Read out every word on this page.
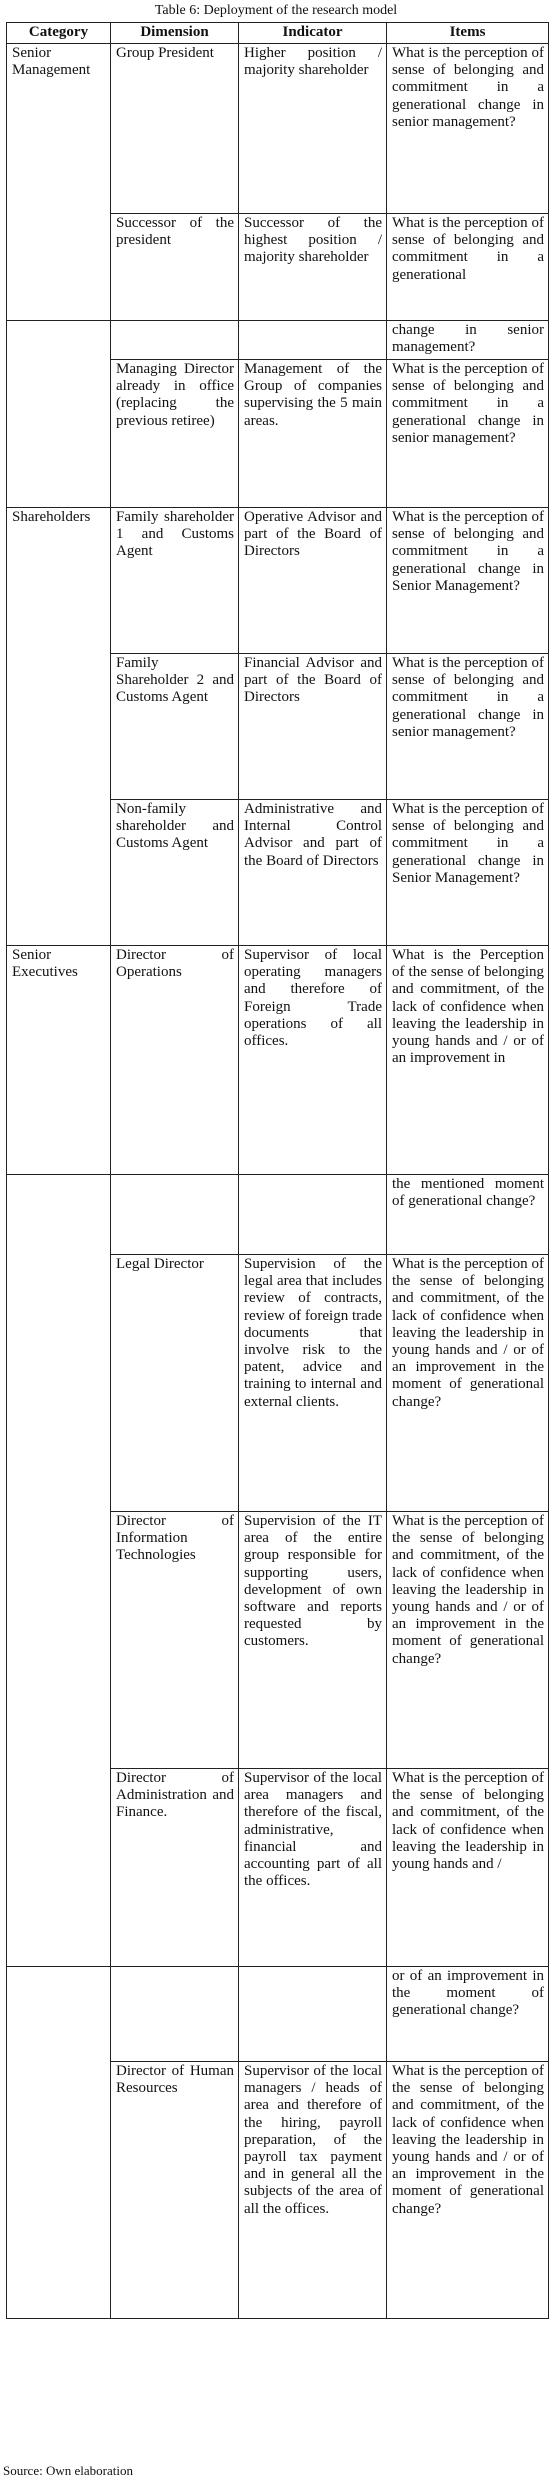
Table 6: Deployment of the research model
Category	Dimension	Indicator	Items
Senior Management	Group President	Higher position / majority shareholder	What is the perception of sense of belonging and commitment in a generational change in senior management?
	Successor of the president	Successor of the highest position / majority shareholder	What is the perception of sense of belonging and commitment in a generational
			change in senior management?
	Managing Director already in office (replacing the previous retiree)	Management of the Group of companies supervising the 5 main areas.	What is the perception of sense of belonging and commitment in a generational change in senior management?
Shareholders	Family shareholder 1 and Customs Agent	Operative Advisor and part of the Board of Directors	What is the perception of sense of belonging and commitment in a generational change in Senior Management?
	Family Shareholder 2 and Customs Agent	Financial Advisor and part of the Board of Directors	What is the perception of sense of belonging and commitment in a generational change in senior management?
	Non-family shareholder and Customs Agent	Administrative and Internal Control Advisor and part of the Board of Directors	What is the perception of sense of belonging and commitment in a generational change in Senior Management?
Senior Executives	Director of Operations	Supervisor of local operating managers and therefore of Foreign Trade operations of all offices.	What is the Perception of the sense of belonging and commitment, of the lack of confidence when leaving the leadership in young hands and / or of an improvement in
			the mentioned moment of generational change?
	Legal Director	Supervision of the legal area that includes review of contracts, review of foreign trade documents that involve risk to the patent, advice and training to internal and external clients.	What is the perception of the sense of belonging and commitment, of the lack of confidence when leaving the leadership in young hands and / or of an improvement in the moment of generational change?
	Director of Information Technologies	Supervision of the IT area of the entire group responsible for supporting users, development of own software and reports requested by customers.	What is the perception of the sense of belonging and commitment, of the lack of confidence when leaving the leadership in young hands and / or of an improvement in the moment of generational change?
	Director of Administration and Finance.	Supervisor of the local area managers and therefore of the fiscal, administrative, financial and accounting part of all the offices.	What is the perception of the sense of belonging and commitment, of the lack of confidence when leaving the leadership in young hands and /
			or of an improvement in the moment of generational change?
	Director of Human Resources	Supervisor of the local managers / heads of area and therefore of the hiring, payroll preparation, of the payroll tax payment and in general all the subjects of the area of all the offices.	What is the perception of the sense of belonging and commitment, of the lack of confidence when leaving the leadership in young hands and / or of an improvement in the moment of generational change?
Source: Own elaboration
